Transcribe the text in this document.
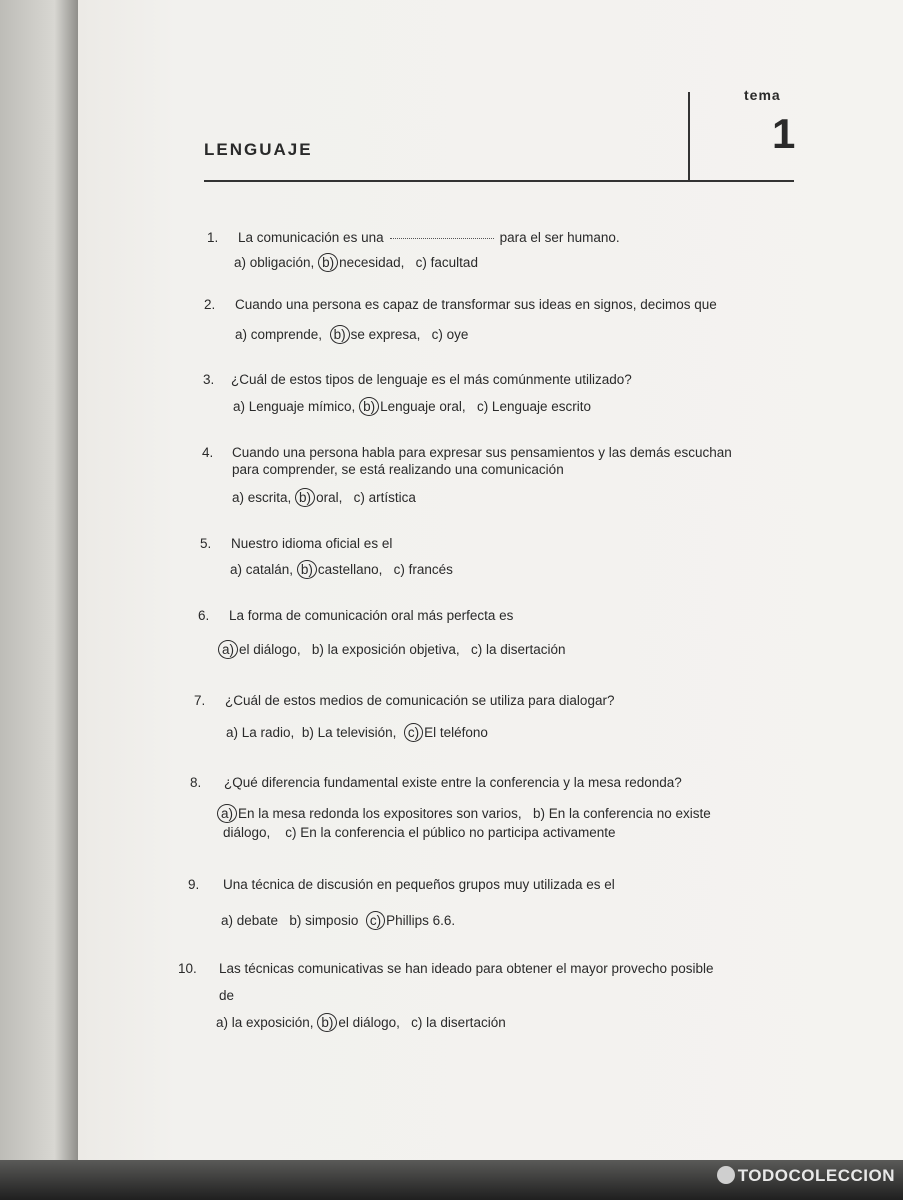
tema
1
LENGUAJE
1. La comunicación es una	para el ser humano.
a) obligación, b) necesidad, c) facultad
2. Cuando una persona es capaz de transformar sus ideas en signos, decimos que
a) comprende, b) se expresa, c) oye
3. ¿Cuál de estos tipos de lenguaje es el más comúnmente utilizado?
a) Lenguaje mímico, b) Lenguaje oral, c) Lenguaje escrito
4. Cuando una persona habla para expresar sus pensamientos y las demás escuchan
para comprender, se está realizando una comunicación
a) escrita, b) oral, c) artística
5. Nuestro idioma oficial es el
a) catalán, b) castellano, c) francés
6. La forma de comunicación oral más perfecta es
a) el diálogo, b) la exposición objetiva, c) la disertación
7. ¿Cuál de estos medios de comunicación se utiliza para dialogar?
a) La radio, b) La televisión, c) El teléfono
8. ¿Qué diferencia fundamental existe entre la conferencia y la mesa redonda?
a) En la mesa redonda los expositores son varios, b) En la conferencia no existe
diálogo,    c) En la conferencia el público no participa activamente
9. Una técnica de discusión en pequeños grupos muy utilizada es el
a) debate b) simposio c) Phillips 6.6.
10. Las técnicas comunicativas se han ideado para obtener el mayor provecho posible
de
a) la exposición, b) el diálogo, c) la disertación
TODOCOLECCION
